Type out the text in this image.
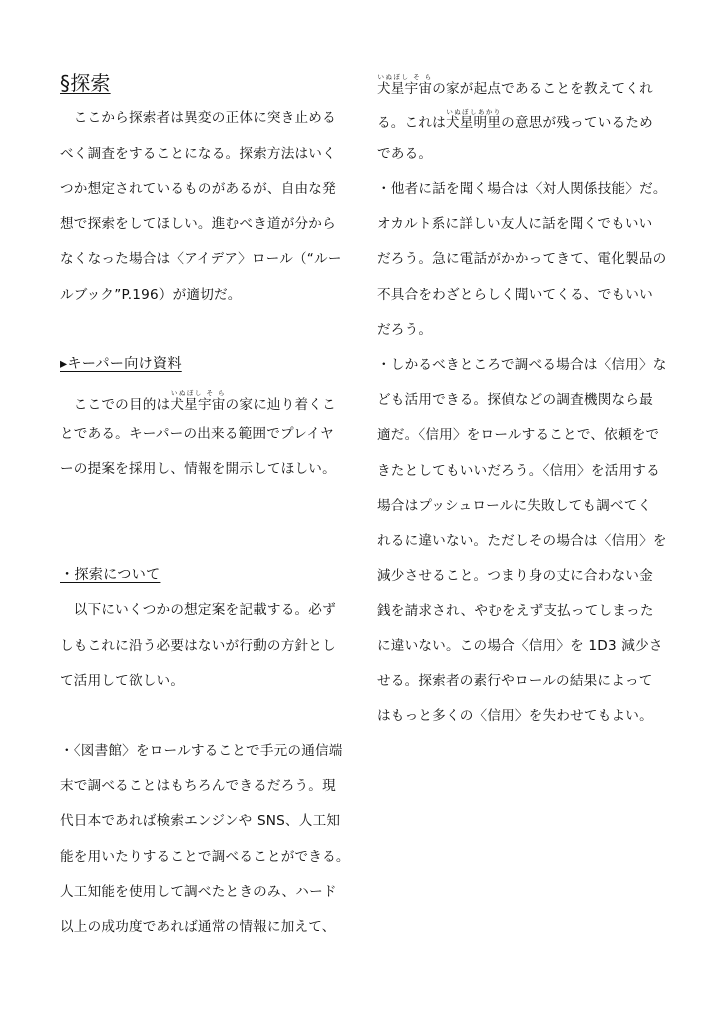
§探索
　ここから探索者は異変の正体に突き止める
べく調査をすることになる。探索方法はいく
つか想定されているものがあるが、自由な発
想で探索をしてほしい。進むべき道が分から
なくなった場合は〈アイデア〉ロール（“ルー
ルブック”P.196）が適切だ。
▸キーパー向け資料
　ここでの目的は犬星宇宙いぬぼし そ らの家に辿り着くこ
とである。キーパーの出来る範囲でプレイヤ
ーの提案を採用し、情報を開示してほしい。
・探索について
　以下にいくつかの想定案を記載する。必ず
しもこれに沿う必要はないが行動の方針とし
て活用して欲しい。
・〈図書館〉をロールすることで手元の通信端
末で調べることはもちろんできるだろう。現
代日本であれば検索エンジンや SNS、人工知
能を用いたりすることで調べることができる。
人工知能を使用して調べたときのみ、ハード
以上の成功度であれば通常の情報に加えて、
犬星宇宙いぬぼし そ らの家が起点であることを教えてくれ
る。これは犬星明里いぬぼしあかりの意思が残っているため
である。
・他者に話を聞く場合は〈対人関係技能〉だ。
オカルト系に詳しい友人に話を聞くでもいい
だろう。急に電話がかかってきて、電化製品の
不具合をわざとらしく聞いてくる、でもいい
だろう。
・しかるべきところで調べる場合は〈信用〉な
ども活用できる。探偵などの調査機関なら最
適だ。〈信用〉をロールすることで、依頼をで
きたとしてもいいだろう。〈信用〉を活用する
場合はプッシュロールに失敗しても調べてく
れるに違いない。ただしその場合は〈信用〉を
減少させること。つまり身の丈に合わない金
銭を請求され、やむをえず支払ってしまった
に違いない。この場合〈信用〉を 1D3 減少さ
せる。探索者の素行やロールの結果によって
はもっと多くの〈信用〉を失わせてもよい。
